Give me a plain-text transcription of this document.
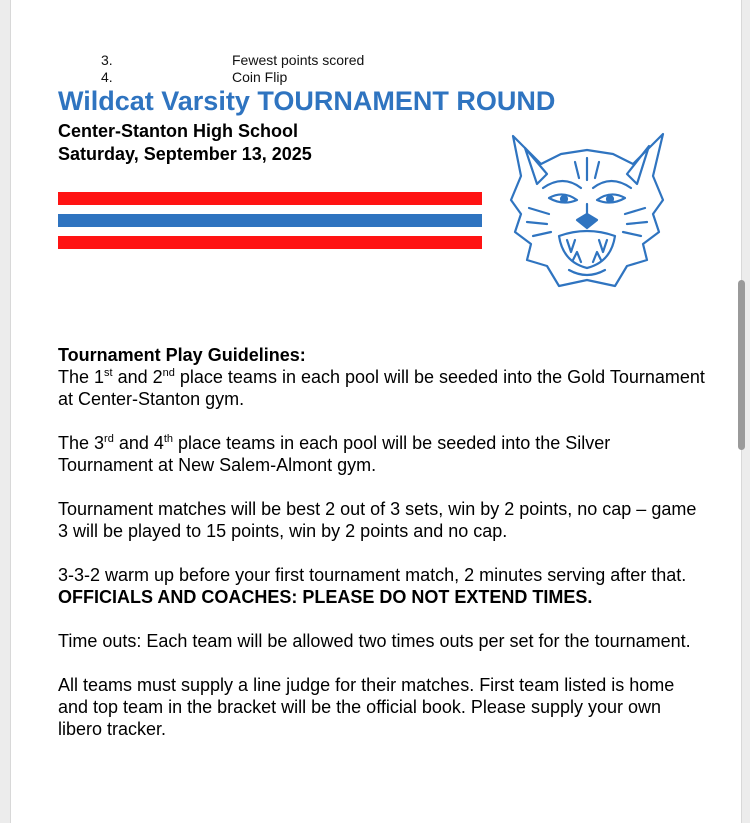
3.	Fewest points scored
4.	Coin Flip
Wildcat Varsity TOURNAMENT ROUND
Center-Stanton High School
Saturday, September 13, 2025
Tournament Play Guidelines:

The 1st and 2nd place teams in each pool will be seeded into the Gold Tournament at Center-Stanton gym.

The 3rd and 4th place teams in each pool will be seeded into the Silver Tournament at New Salem-Almont gym.

Tournament matches will be best 2 out of 3 sets, win by 2 points, no cap – game 3 will be played to 15 points, win by 2 points and no cap.

3-3-2 warm up before your first tournament match, 2 minutes serving after that.  OFFICIALS AND COACHES: PLEASE DO NOT EXTEND TIMES.

Time outs: Each team will be allowed two times outs per set for the tournament.

All teams must supply a line judge for their matches. First team listed is home and top team in the bracket will be the official book. Please supply your own libero tracker.
